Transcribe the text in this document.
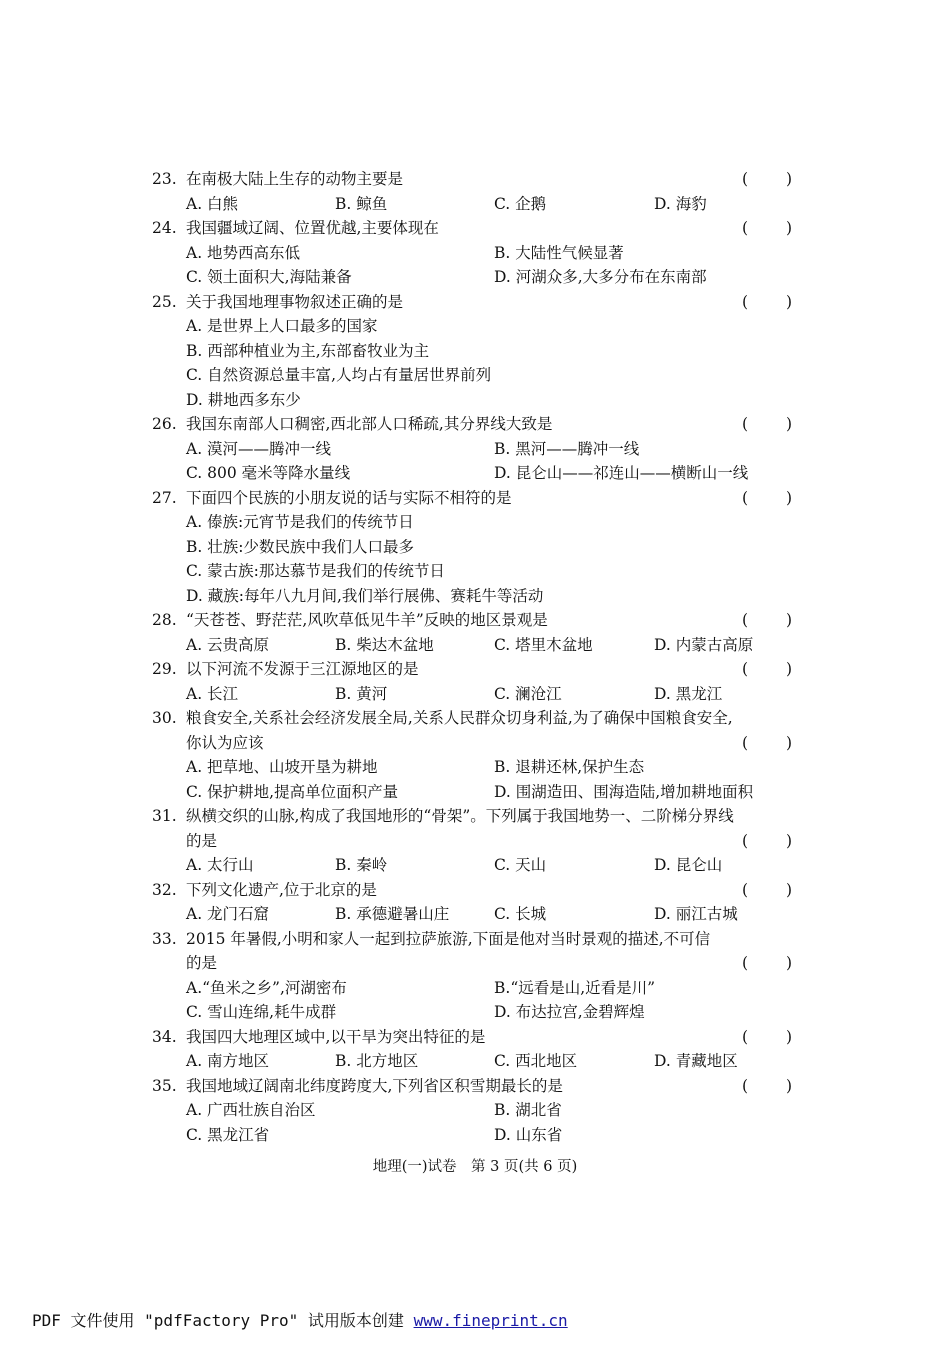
23. 在南极大陆上生存的动物主要是	( )
A. 白熊	B. 鲸鱼	C. 企鹅	D. 海豹
24. 我国疆域辽阔、位置优越,主要体现在	( )
A. 地势西高东低	B. 大陆性气候显著
C. 领土面积大,海陆兼备	D. 河湖众多,大多分布在东南部
25. 关于我国地理事物叙述正确的是	( )
A. 是世界上人口最多的国家
B. 西部种植业为主,东部畜牧业为主
C. 自然资源总量丰富,人均占有量居世界前列
D. 耕地西多东少
26. 我国东南部人口稠密,西北部人口稀疏,其分界线大致是	( )
A. 漠河——腾冲一线	B. 黑河——腾冲一线
C. 800 毫米等降水量线	D. 昆仑山——祁连山——横断山一线
27. 下面四个民族的小朋友说的话与实际不相符的是	( )
A. 傣族:元宵节是我们的传统节日
B. 壮族:少数民族中我们人口最多
C. 蒙古族:那达慕节是我们的传统节日
D. 藏族:每年八九月间,我们举行展佛、赛耗牛等活动
28. “天苍苍、野茫茫,风吹草低见牛羊”反映的地区景观是	( )
A. 云贵高原	B. 柴达木盆地	C. 塔里木盆地	D. 内蒙古高原
29. 以下河流不发源于三江源地区的是	( )
A. 长江	B. 黄河	C. 澜沧江	D. 黑龙江
30. 粮食安全,关系社会经济发展全局,关系人民群众切身利益,为了确保中国粮食安全,
你认为应该	( )
A. 把草地、山坡开垦为耕地	B. 退耕还林,保护生态
C. 保护耕地,提高单位面积产量	D. 围湖造田、围海造陆,增加耕地面积
31. 纵横交织的山脉,构成了我国地形的“骨架”。下列属于我国地势一、二阶梯分界线
的是	( )
A. 太行山	B. 秦岭	C. 天山	D. 昆仑山
32. 下列文化遗产,位于北京的是	( )
A. 龙门石窟	B. 承德避暑山庄	C. 长城	D. 丽江古城
33. 2015 年暑假,小明和家人一起到拉萨旅游,下面是他对当时景观的描述,不可信
的是	( )
A.“鱼米之乡”,河湖密布	B.“远看是山,近看是川”
C. 雪山连绵,耗牛成群	D. 布达拉宫,金碧辉煌
34. 我国四大地理区域中,以干旱为突出特征的是	( )
A. 南方地区	B. 北方地区	C. 西北地区	D. 青藏地区
35. 我国地域辽阔南北纬度跨度大,下列省区积雪期最长的是	( )
A. 广西壮族自治区	B. 湖北省
C. 黑龙江省	D. 山东省
地理(一)试卷　第 3 页(共 6 页)
PDF 文件使用 "pdfFactory Pro" 试用版本创建 www.fineprint.cn
